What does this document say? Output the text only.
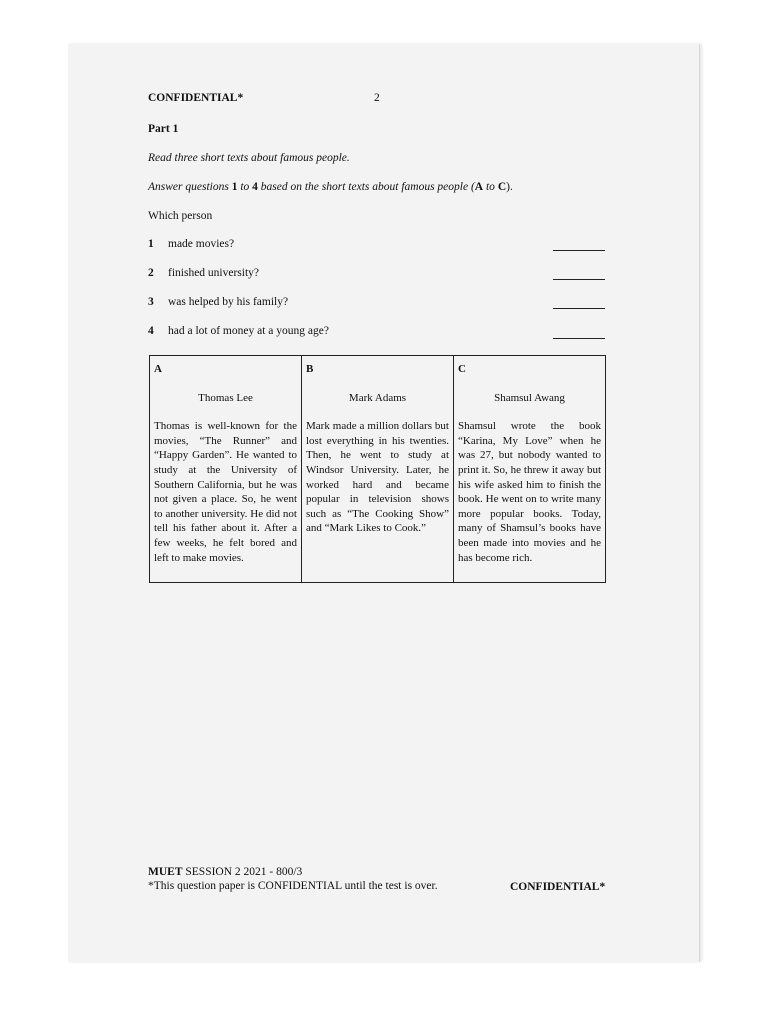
CONFIDENTIAL*	2
Part 1
Read three short texts about famous people.
Answer questions 1 to 4 based on the short texts about famous people (A to C).
Which person
1 made movies?
2 finished university?
3 was helped by his family?
4 had a lot of money at a young age?
A
Thomas Lee
Thomas is well-known for the movies, “The Runner” and “Happy Garden”. He wanted to study at the University of Southern California, but he was not given a place. So, he went to another university. He did not tell his father about it. After a few weeks, he felt bored and left to make movies.

B
Mark Adams
Mark made a million dollars but lost everything in his twenties. Then, he went to study at Windsor University. Later, he worked hard and became popular in television shows such as “The Cooking Show” and “Mark Likes to Cook.”

C
Shamsul Awang
Shamsul wrote the book “Karina, My Love” when he was 27, but nobody wanted to print it. So, he threw it away but his wife asked him to finish the book. He went on to write many more popular books. Today, many of Shamsul’s books have been made into movies and he has become rich.
MUET SESSION 2 2021 - 800/3
*This question paper is CONFIDENTIAL until the test is over.	CONFIDENTIAL*
